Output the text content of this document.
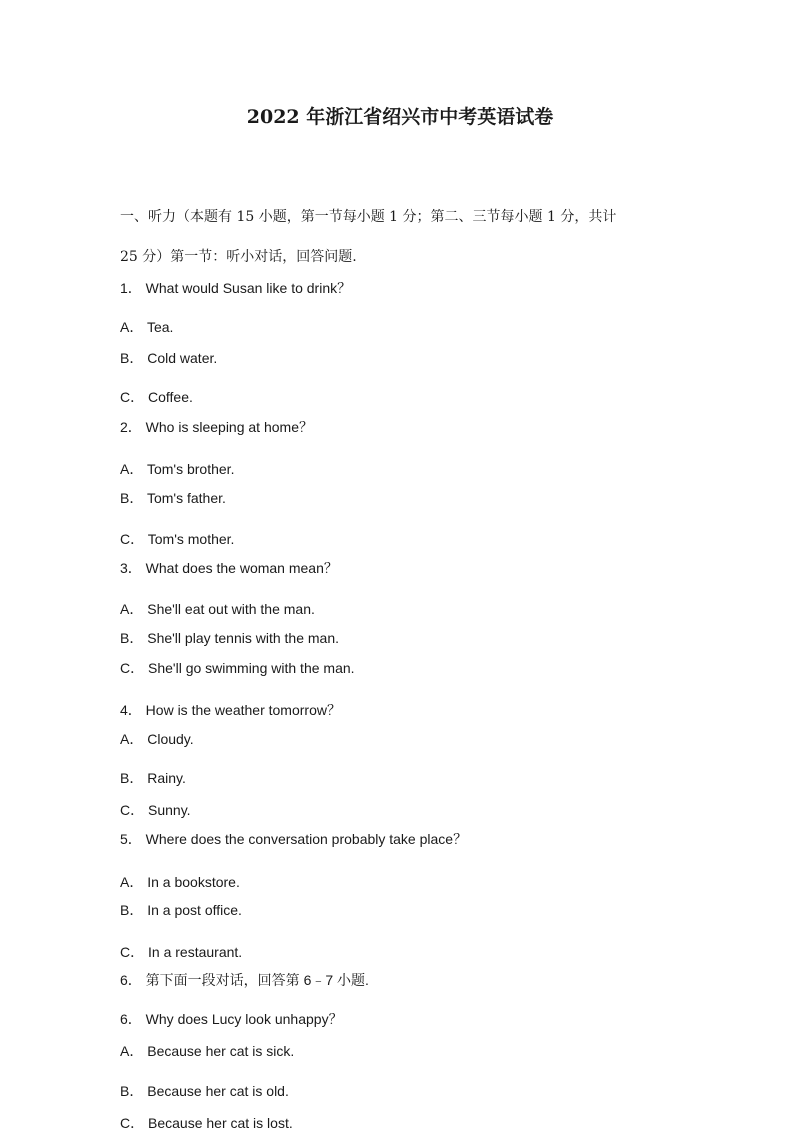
2022 年浙江省绍兴市中考英语试卷
一、听力（本题有 15 小题，第一节每小题 1 分；第二、三节每小题 1 分，共计
25 分）第一节：听小对话，回答问题.
1． What would Susan like to drink？
A． Tea.
B． Cold water.
C． Coffee.
2． Who is sleeping at home？
A． Tom's brother.
B． Tom's father.
C． Tom's mother.
3． What does the woman mean？
A． She'll eat out with the man.
B． She'll play tennis with the man.
C． She'll go swimming with the man.
4． How is the weather tomorrow？
A． Cloudy.
B． Rainy.
C． Sunny.
5． Where does the conversation probably take place？
A． In a bookstore.
B． In a post office.
C． In a restaurant.
6． 第下面一段对话，回答第 6﹣7 小题.
6． Why does Lucy look unhappy？
A． Because her cat is sick.
B． Because her cat is old.
C． Because her cat is lost.
